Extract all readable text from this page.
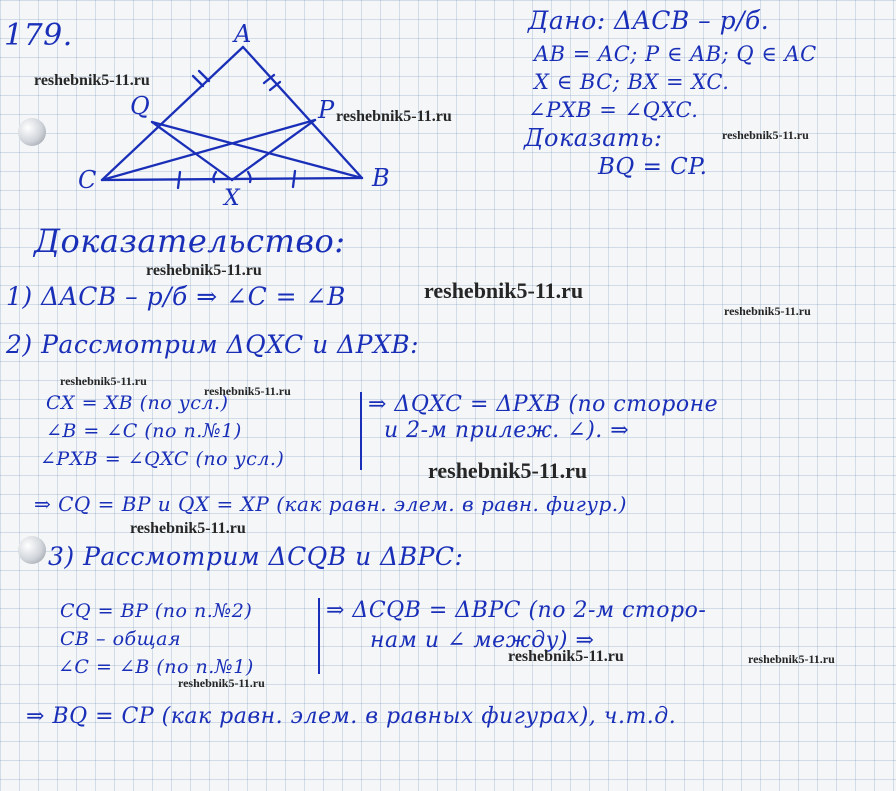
179.	A
Q	P
C	B
X
Дано: ΔACB – р/б.
AB = AC; P ∈ AB; Q ∈ AC
X ∈ BC; BX = XC.
∠PXB = ∠QXC.
Доказать:
BQ = CP.
Доказательство:
1) ΔACB – р/б ⇒ ∠C = ∠B
2) Рассмотрим ΔQXC и ΔPXB:
CX = XB (по усл.)
∠B = ∠C (по п.№1)
∠PXB = ∠QXC (по усл.)
⇒ ΔQXC = ΔPXB (по стороне
и 2-м прилеж. ∠). ⇒
⇒ CQ = BP и QX = XP (как равн. элем. в равн. фигур.)
3) Рассмотрим ΔCQB и ΔBPC:
CQ = BP (по п.№2)
CB – общая
∠C = ∠B (по п.№1)
⇒ ΔCQB = ΔBPC (по 2-м сторо-
нам и ∠ между) ⇒
⇒ BQ = CP (как равн. элем. в равных фигурах), ч.т.д.
reshebnik5-11.ru
reshebnik5-11.ru
reshebnik5-11.ru
reshebnik5-11.ru
reshebnik5-11.ru
reshebnik5-11.ru
reshebnik5-11.ru
reshebnik5-11.ru
reshebnik5-11.ru
reshebnik5-11.ru
reshebnik5-11.ru	reshebnik5-11.ru
reshebnik5-11.ru
